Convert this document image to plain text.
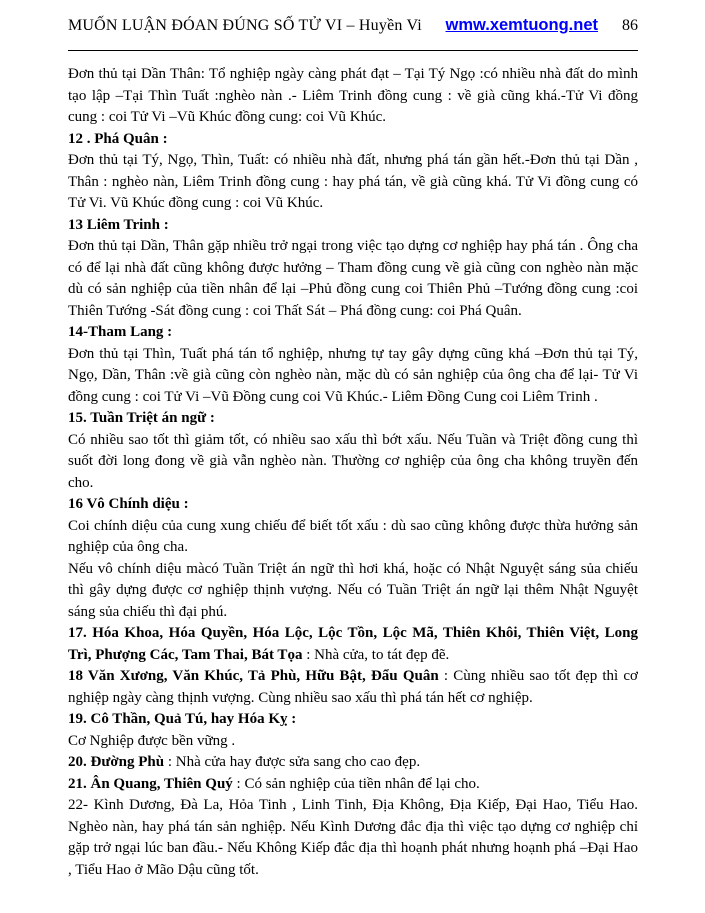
MUỐN LUẬN ĐÓAN ĐÚNG SỐ TỬ VI – Huyền Vi	wmw.xemtuong.net 86

Đơn thủ tại Dần Thân: Tổ nghiệp ngày càng phát đạt – Tại Tý Ngọ :có nhiều nhà đất do mình tạo lập –Tại Thìn Tuất :nghèo nàn .- Liêm Trinh đồng cung : về già cũng khá.-Tử Vi đồng cung : coi Tử Vi –Vũ Khúc đồng cung: coi Vũ Khúc.

12 . Phá Quân :

Đơn thủ tại Tý, Ngọ, Thìn, Tuất: có nhiều nhà đất, nhưng phá tán gần hết.-Đơn thủ tại Dần , Thân : nghèo nàn, Liêm Trinh đồng cung : hay phá tán, về già cũng khá. Tử Vi đồng cung có Tử Vi. Vũ Khúc đồng cung : coi Vũ Khúc.

13 Liêm Trinh :

Đơn thủ tại Dần, Thân gặp nhiều trở ngại trong việc tạo dựng cơ nghiệp hay phá tán . Ông cha có để lại nhà đất cũng không được hưởng – Tham đồng cung về già cũng con nghèo nàn mặc dù có sản nghiệp của tiền nhân để lại –Phủ đồng cung coi Thiên Phủ –Tướng đồng cung :coi Thiên Tướng -Sát đồng cung : coi Thất Sát – Phá đồng cung: coi Phá Quân.

14-Tham Lang :

Đơn thủ tại Thìn, Tuất phá tán tổ nghiệp, nhưng tự tay gây dựng cũng khá –Đơn thủ tại Tý, Ngọ, Dần, Thân :về già cũng còn nghèo nàn, mặc dù có sản nghiệp của ông cha để lại- Tử Vi đồng cung : coi Tử Vi –Vũ Đồng cung coi Vũ Khúc.- Liêm Đồng Cung coi Liêm Trinh .

15. Tuần Triệt án ngữ :

Có nhiều sao tốt thì giảm tốt, có nhiều sao xấu thì bớt xấu. Nếu Tuần và Triệt đồng cung thì suốt đời long đong về già vẫn nghèo nàn. Thường cơ nghiệp của ông cha không truyền đến cho.

16 Vô Chính diệu :

Coi chính diệu của cung xung chiếu để biết tốt xấu : dù sao cũng không được thừa hưởng sản nghiệp của ông cha.

Nếu vô chính diệu màcó Tuần Triệt án ngữ thì hơi khá, hoặc có Nhật Nguyệt sáng sủa chiếu thì gây dựng được cơ nghiệp thịnh vượng. Nếu có Tuần Triệt án ngữ lại thêm Nhật Nguyệt sáng sủa chiếu thì đại phú.

17. Hóa Khoa, Hóa Quyền, Hóa Lộc, Lộc Tồn, Lộc Mã, Thiên Khôi, Thiên Việt, Long Trì, Phượng Các, Tam Thai, Bát Tọa : Nhà cửa, to tát đẹp đẽ.

18 Văn Xương, Văn Khúc, Tả Phù, Hữu Bật, Đẩu Quân : Cùng nhiều sao tốt đẹp thì cơ nghiệp ngày càng thịnh vượng. Cùng nhiều sao xấu thì phá tán hết cơ nghiệp.

19. Cô Thần, Quả Tú, hay Hóa Kỵ :

Cơ Nghiệp được bền vững .

20. Đường Phù : Nhà cửa hay được sửa sang cho cao đẹp.

21. Ân Quang, Thiên Quý : Có sản nghiệp của tiền nhân để lại cho.

22- Kình Dương, Đà La, Hỏa Tinh , Linh Tinh, Địa Không, Địa Kiếp, Đại Hao, Tiểu Hao. Nghèo nàn, hay phá tán sản nghiệp. Nếu Kình Dương đắc địa thì việc tạo dựng cơ nghiệp chỉ gặp trở ngại lúc ban đầu.- Nếu Không Kiếp đắc địa thì hoạnh phát nhưng hoạnh phá –Đại Hao , Tiểu Hao ở Mão Dậu cũng tốt.
